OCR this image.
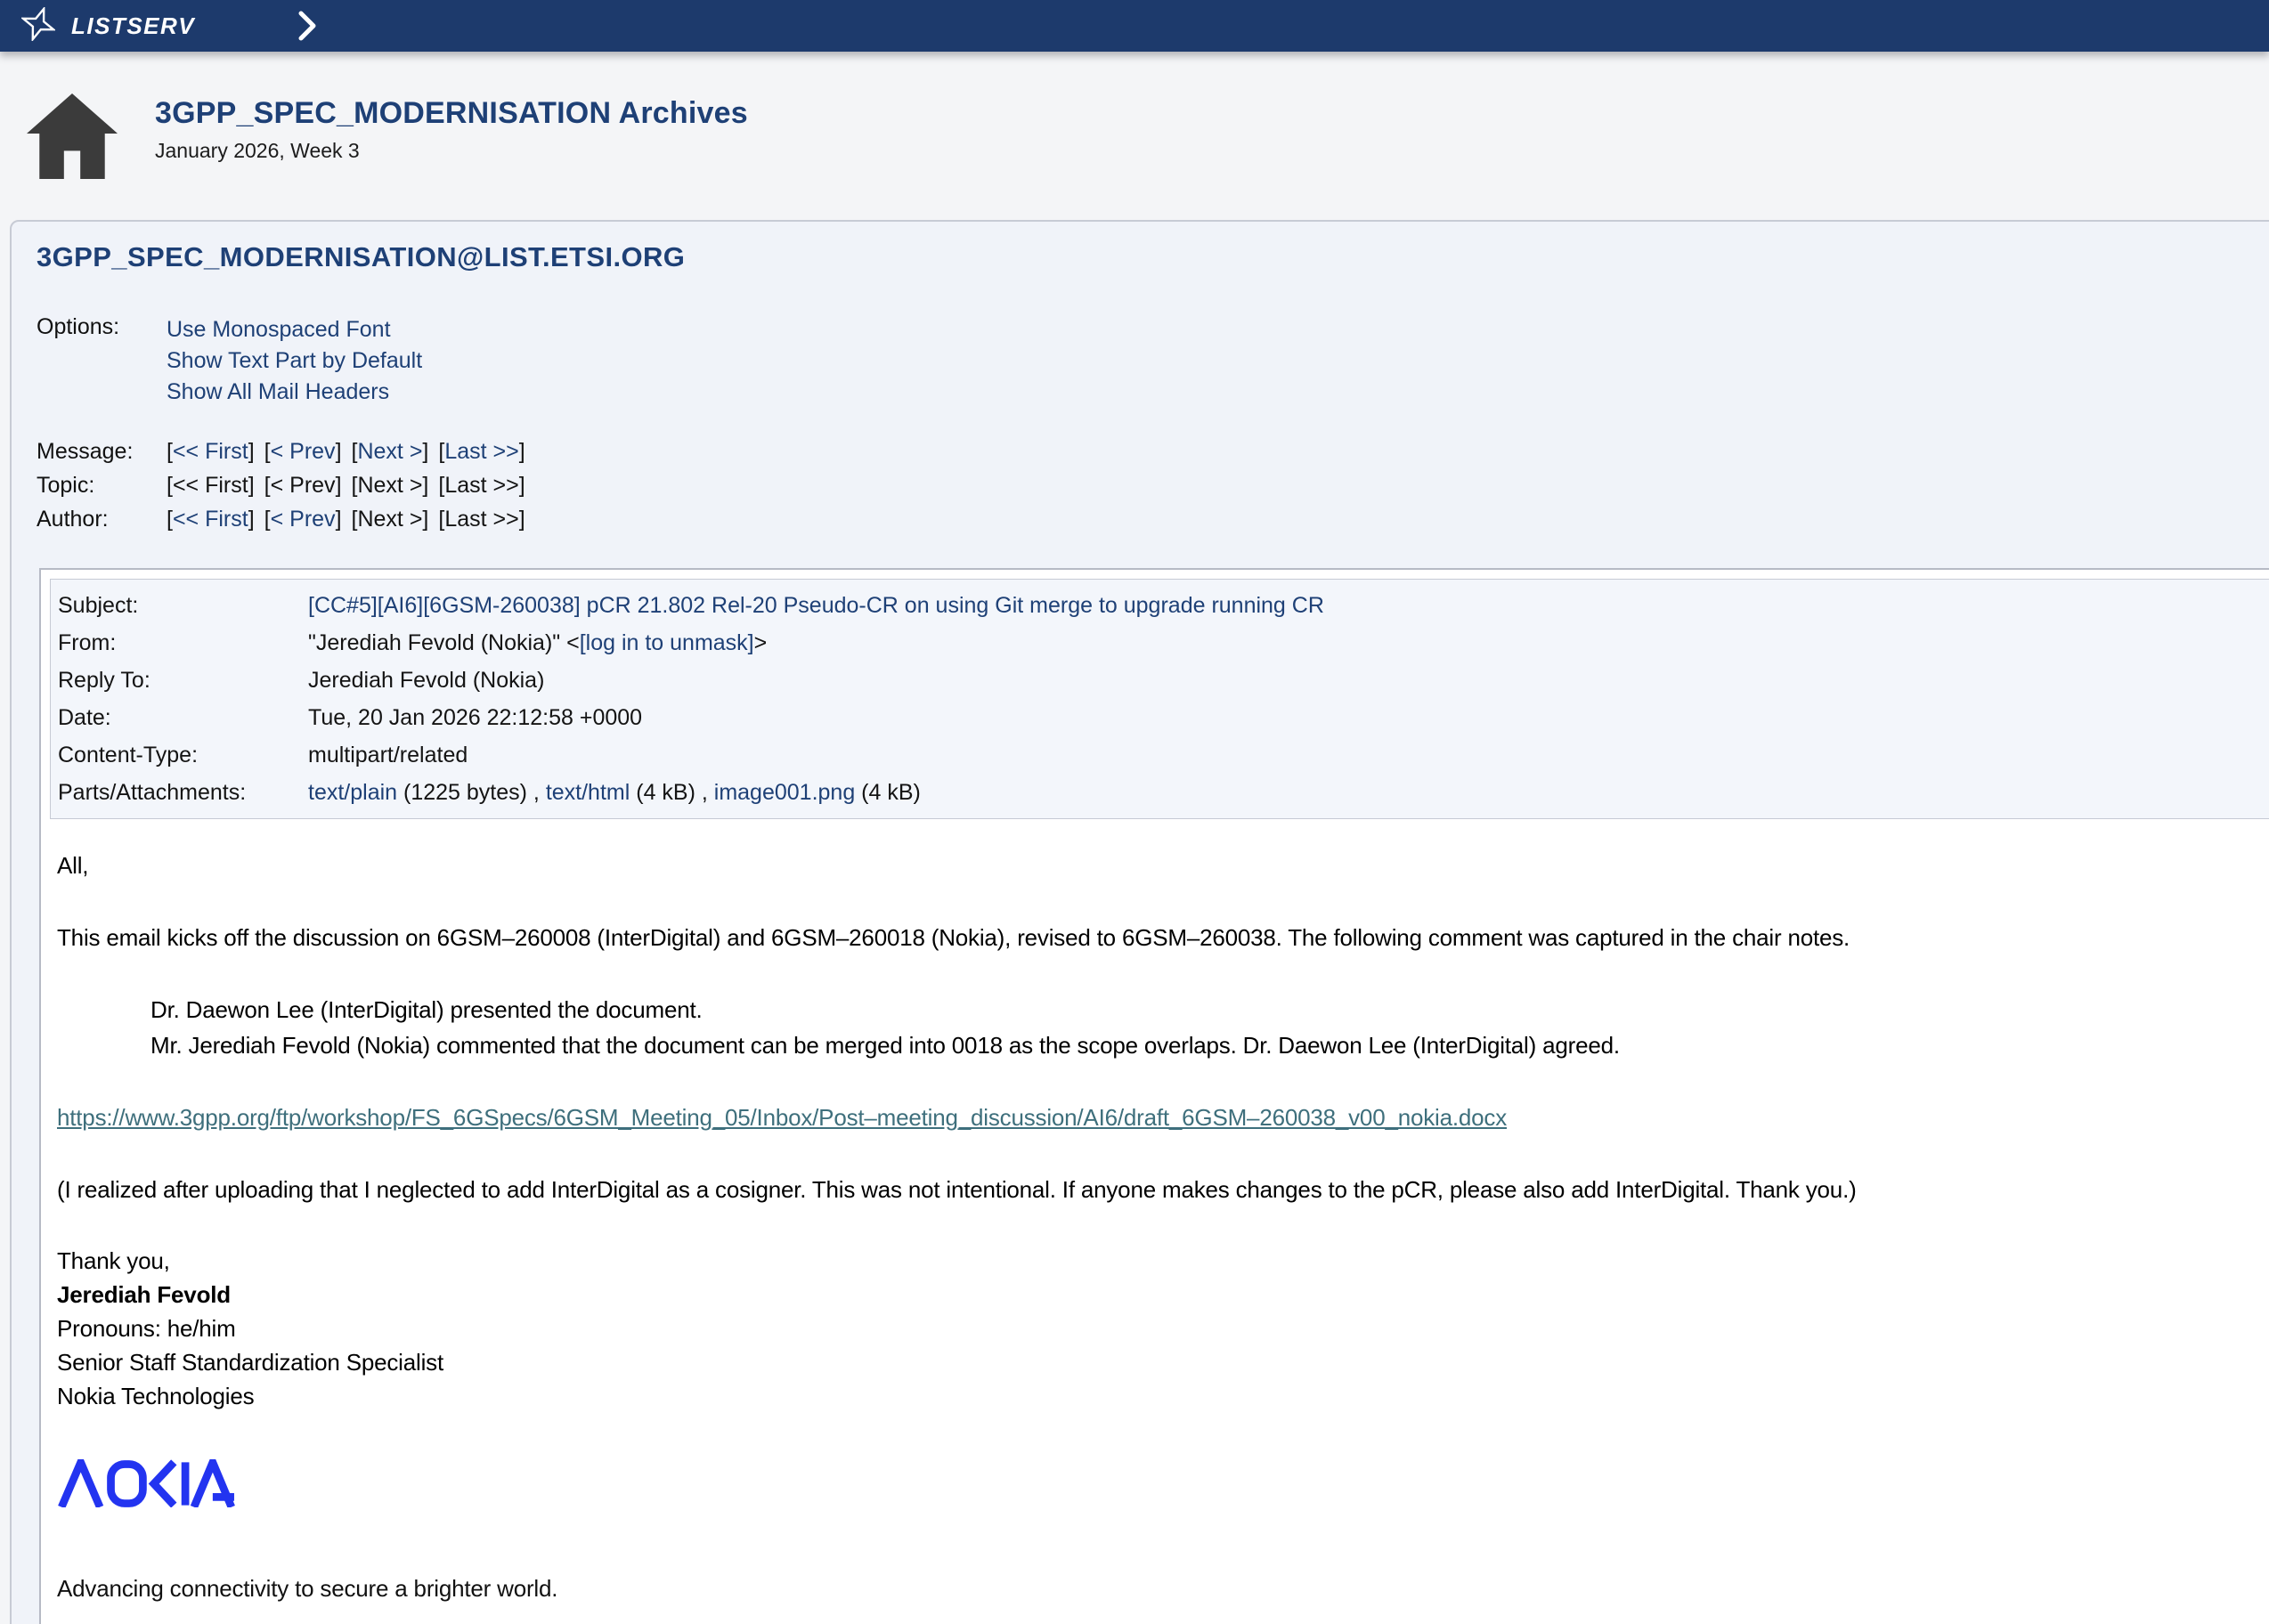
LISTSERV
3GPP_SPEC_MODERNISATION Archives
January 2026, Week 3
3GPP_SPEC_MODERNISATION@LIST.ETSI.ORG
Options:	Use Monospaced Font
Show Text Part by Default
Show All Mail Headers
Message:	[<< First] [< Prev] [Next >] [Last >>]
Topic:	[<< First] [< Prev] [Next >] [Last >>]
Author:	[<< First] [< Prev] [Next >] [Last >>]
Subject:	[CC#5][AI6][6GSM-260038] pCR 21.802 Rel-20 Pseudo-CR on using Git merge to upgrade running CR
From:	"Jerediah Fevold (Nokia)" <[log in to unmask]>
Reply To:	Jerediah Fevold (Nokia)
Date:	Tue, 20 Jan 2026 22:12:58 +0000
Content-Type:	multipart/related
Parts/Attachments:	text/plain (1225 bytes) , text/html (4 kB) , image001.png (4 kB)

All,

This email kicks off the discussion on 6GSM–260008 (InterDigital) and 6GSM–260018 (Nokia), revised to 6GSM–260038. The following comment was captured in the chair notes.

Dr. Daewon Lee (InterDigital) presented the document.
Mr. Jerediah Fevold (Nokia) commented that the document can be merged into 0018 as the scope overlaps. Dr. Daewon Lee (InterDigital) agreed.

https://www.3gpp.org/ftp/workshop/FS_6GSpecs/6GSM_Meeting_05/Inbox/Post–meeting_discussion/AI6/draft_6GSM–260038_v00_nokia.docx

(I realized after uploading that I neglected to add InterDigital as a cosigner. This was not intentional. If anyone makes changes to the pCR, please also add InterDigital. Thank you.)

Thank you,
Jerediah Fevold
Pronouns: he/him
Senior Staff Standardization Specialist
Nokia Technologies
Advancing connectivity to secure a brighter world.
